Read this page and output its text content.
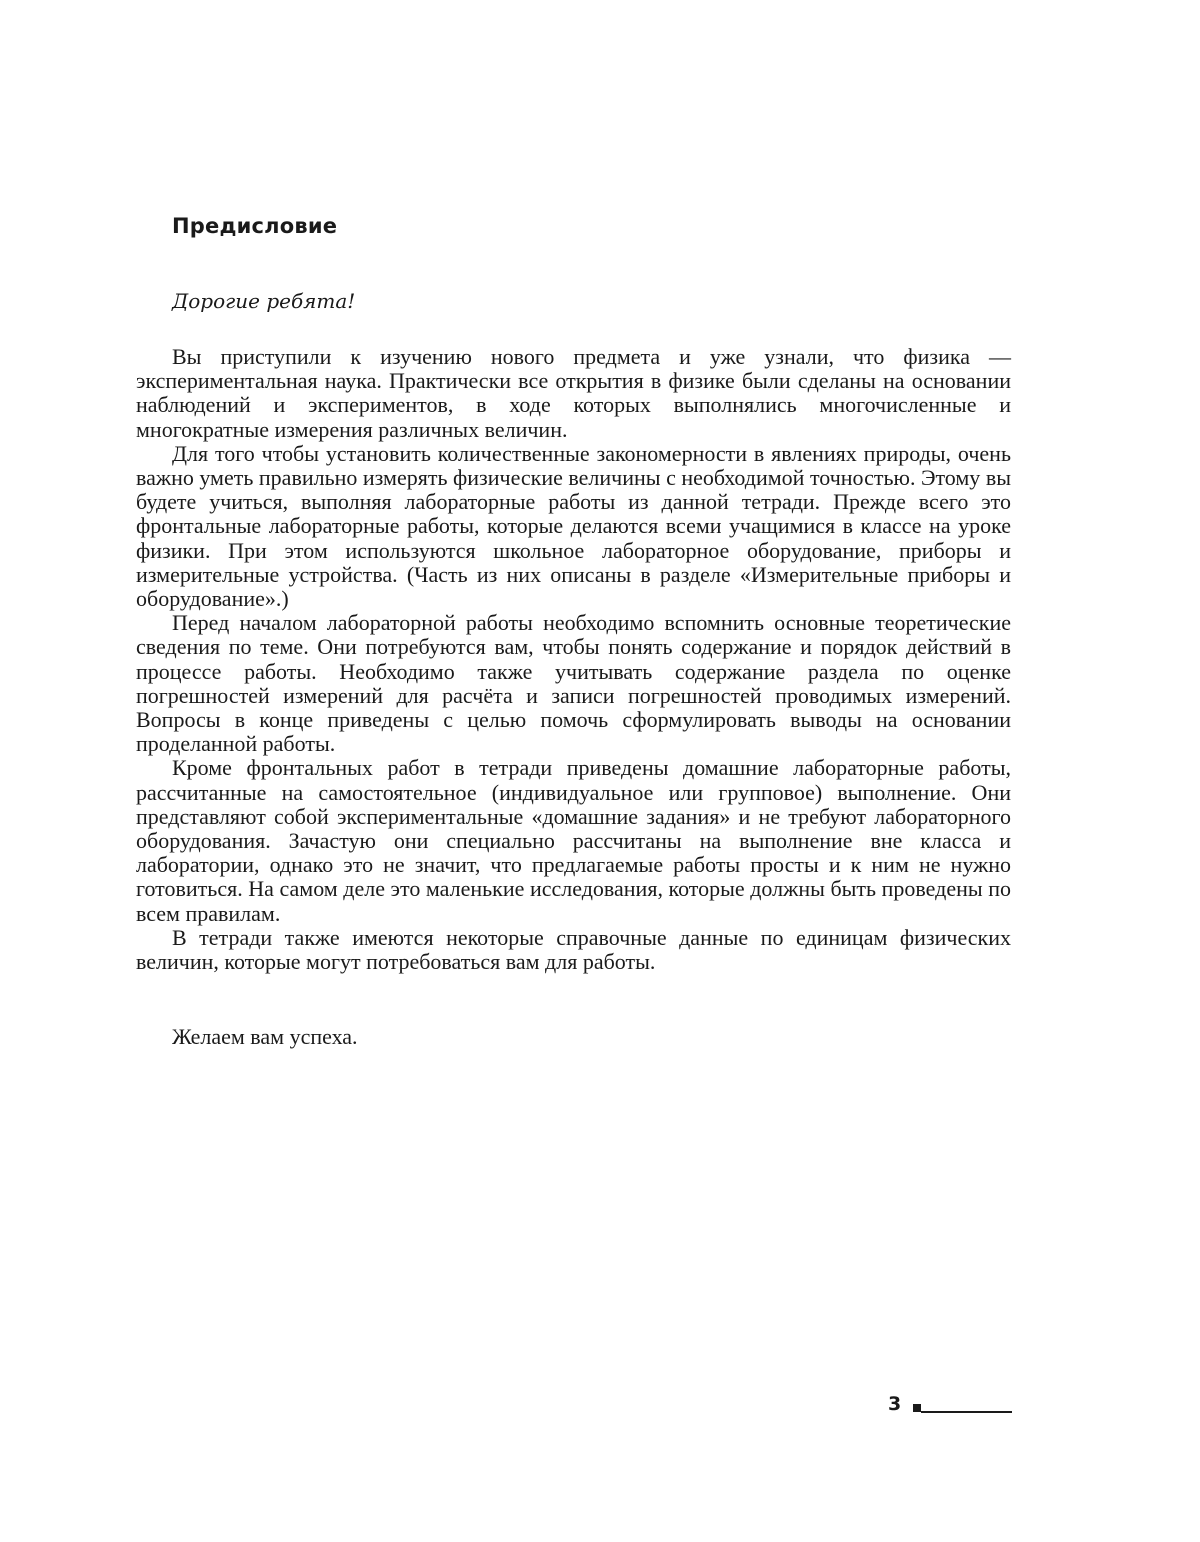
Предисловие

Дорогие ребята!

Вы приступили к изучению нового предмета и уже узнали, что физика — экспериментальная наука. Практически все открытия в физике были сделаны на основании наблюдений и экспериментов, в ходе которых выполнялись многочисленные и многократные измерения различных величин.

Для того чтобы установить количественные закономерности в явлениях природы, очень важно уметь правильно измерять физические величины с необходимой точностью. Этому вы будете учиться, выполняя лабораторные работы из данной тетради. Прежде всего это фронтальные лабораторные работы, которые делаются всеми учащимися в классе на уроке физики. При этом используются школьное лабораторное оборудование, приборы и измерительные устройства. (Часть из них описаны в разделе «Измерительные приборы и оборудование».)

Перед началом лабораторной работы необходимо вспомнить основные теоретические сведения по теме. Они потребуются вам, чтобы понять содержание и порядок действий в процессе работы. Необходимо также учитывать содержание раздела по оценке погрешностей измерений для расчёта и записи погрешностей проводимых измерений. Вопросы в конце приведены с целью помочь сформулировать выводы на основании проделанной работы.

Кроме фронтальных работ в тетради приведены домашние лабораторные работы, рассчитанные на самостоятельное (индивидуальное или групповое) выполнение. Они представляют собой экспериментальные «домашние задания» и не требуют лабораторного оборудования. Зачастую они специально рассчитаны на выполнение вне класса и лаборатории, однако это не значит, что предлагаемые работы просты и к ним не нужно готовиться. На самом деле это маленькие исследования, которые должны быть проведены по всем правилам.

В тетради также имеются некоторые справочные данные по единицам физических величин, которые могут потребоваться вам для работы.

Желаем вам успеха.

3
